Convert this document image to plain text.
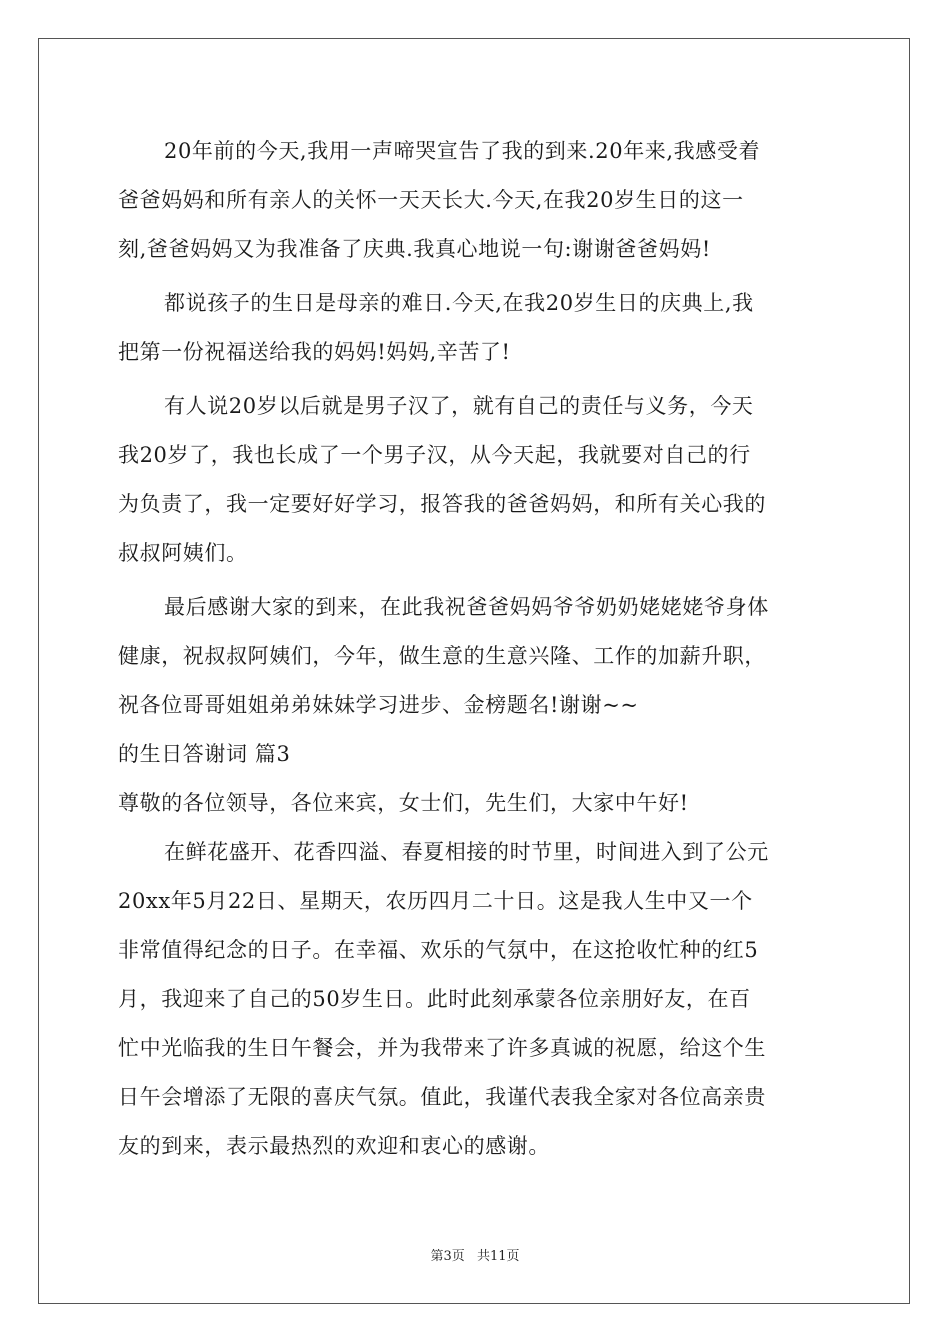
20年前的今天,我用一声啼哭宣告了我的到来.20年来,我感受着
爸爸妈妈和所有亲人的关怀一天天长大.今天,在我20岁生日的这一
刻,爸爸妈妈又为我准备了庆典.我真心地说一句:谢谢爸爸妈妈!
都说孩子的生日是母亲的难日.今天,在我20岁生日的庆典上,我
把第一份祝福送给我的妈妈!妈妈,辛苦了!
有人说20岁以后就是男子汉了，就有自己的责任与义务，今天
我20岁了，我也长成了一个男子汉，从今天起，我就要对自己的行
为负责了，我一定要好好学习，报答我的爸爸妈妈，和所有关心我的
叔叔阿姨们。
最后感谢大家的到来，在此我祝爸爸妈妈爷爷奶奶姥姥姥爷身体
健康，祝叔叔阿姨们，今年，做生意的生意兴隆、工作的加薪升职，
祝各位哥哥姐姐弟弟妹妹学习进步、金榜题名!谢谢~~
的生日答谢词 篇3
尊敬的各位领导，各位来宾，女士们，先生们，大家中午好!
在鲜花盛开、花香四溢、春夏相接的时节里，时间进入到了公元
20xx年5月22日、星期天，农历四月二十日。这是我人生中又一个
非常值得纪念的日子。在幸福、欢乐的气氛中，在这抢收忙种的红5
月，我迎来了自己的50岁生日。此时此刻承蒙各位亲朋好友，在百
忙中光临我的生日午餐会，并为我带来了许多真诚的祝愿，给这个生
日午会增添了无限的喜庆气氛。值此，我谨代表我全家对各位高亲贵
友的到来，表示最热烈的欢迎和衷心的感谢。
第3页 共11页
